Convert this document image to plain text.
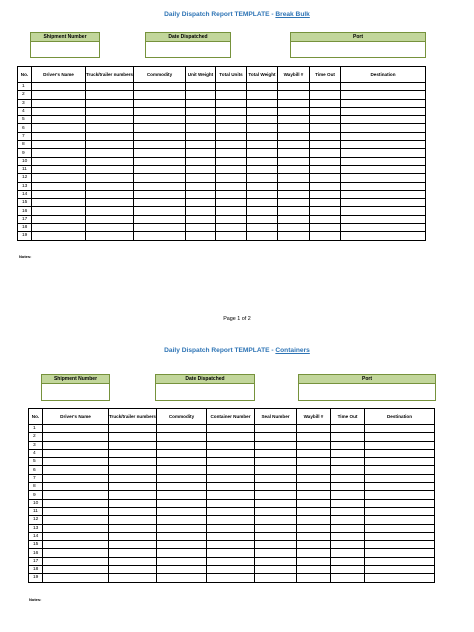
Daily Dispatch Report TEMPLATE - Break Bulk
Shipment Number	Date Dispatched	Port
No.	Driver's Name	Truck/trailer numbers	Commodity	Unit Weight	Total Units	Total Weight	Waybill #	Time Out	Destination
1									
2									
3									
4									
5									
6									
7									
8									
9									
10									
11									
12									
13									
14									
15									
16									
17									
18									
19									
Notes:
Page 1 of 2
Daily Dispatch Report TEMPLATE - Containers
Shipment Number	Date Dispatched	Port
No.	Driver's Name	Truck/trailer numbers	Commodity	Container Number	Seal Number	Waybill #	Time Out	Destination
1								
2								
3								
4								
5								
6								
7								
8								
9								
10								
11								
12								
13								
14								
15								
16								
17								
18								
19								
Notes:
